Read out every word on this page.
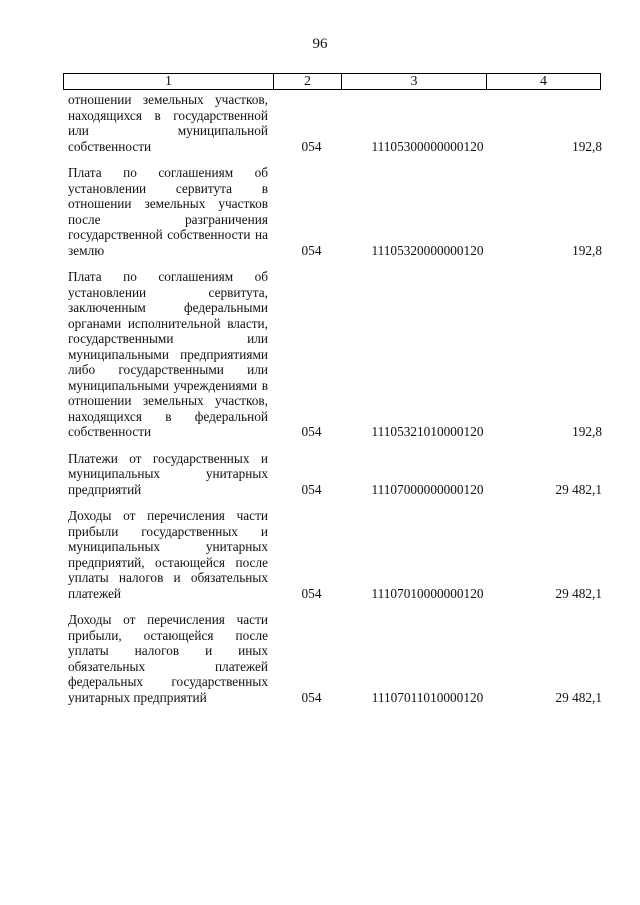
96
1	2	3	4
отношении земельных участков, находящихся в государственной или муниципальной собственности	054	11105300000000120	192,8
Плата по соглашениям об установлении сервитута в отношении земельных участков после разграничения государственной собственности на землю	054	11105320000000120	192,8
Плата по соглашениям об установлении сервитута, заключенным федеральными органами исполнительной власти, государственными или муниципальными предприятиями либо государственными или муниципальными учреждениями в отношении земельных участков, находящихся в федеральной собственности	054	11105321010000120	192,8
Платежи от государственных и муниципальных унитарных предприятий	054	11107000000000120	29 482,1
Доходы от перечисления части прибыли государственных и муниципальных унитарных предприятий, остающейся после уплаты налогов и обязательных платежей	054	11107010000000120	29 482,1
Доходы от перечисления части прибыли, остающейся после уплаты налогов и иных обязательных платежей федеральных государственных унитарных предприятий	054	11107011010000120	29 482,1
